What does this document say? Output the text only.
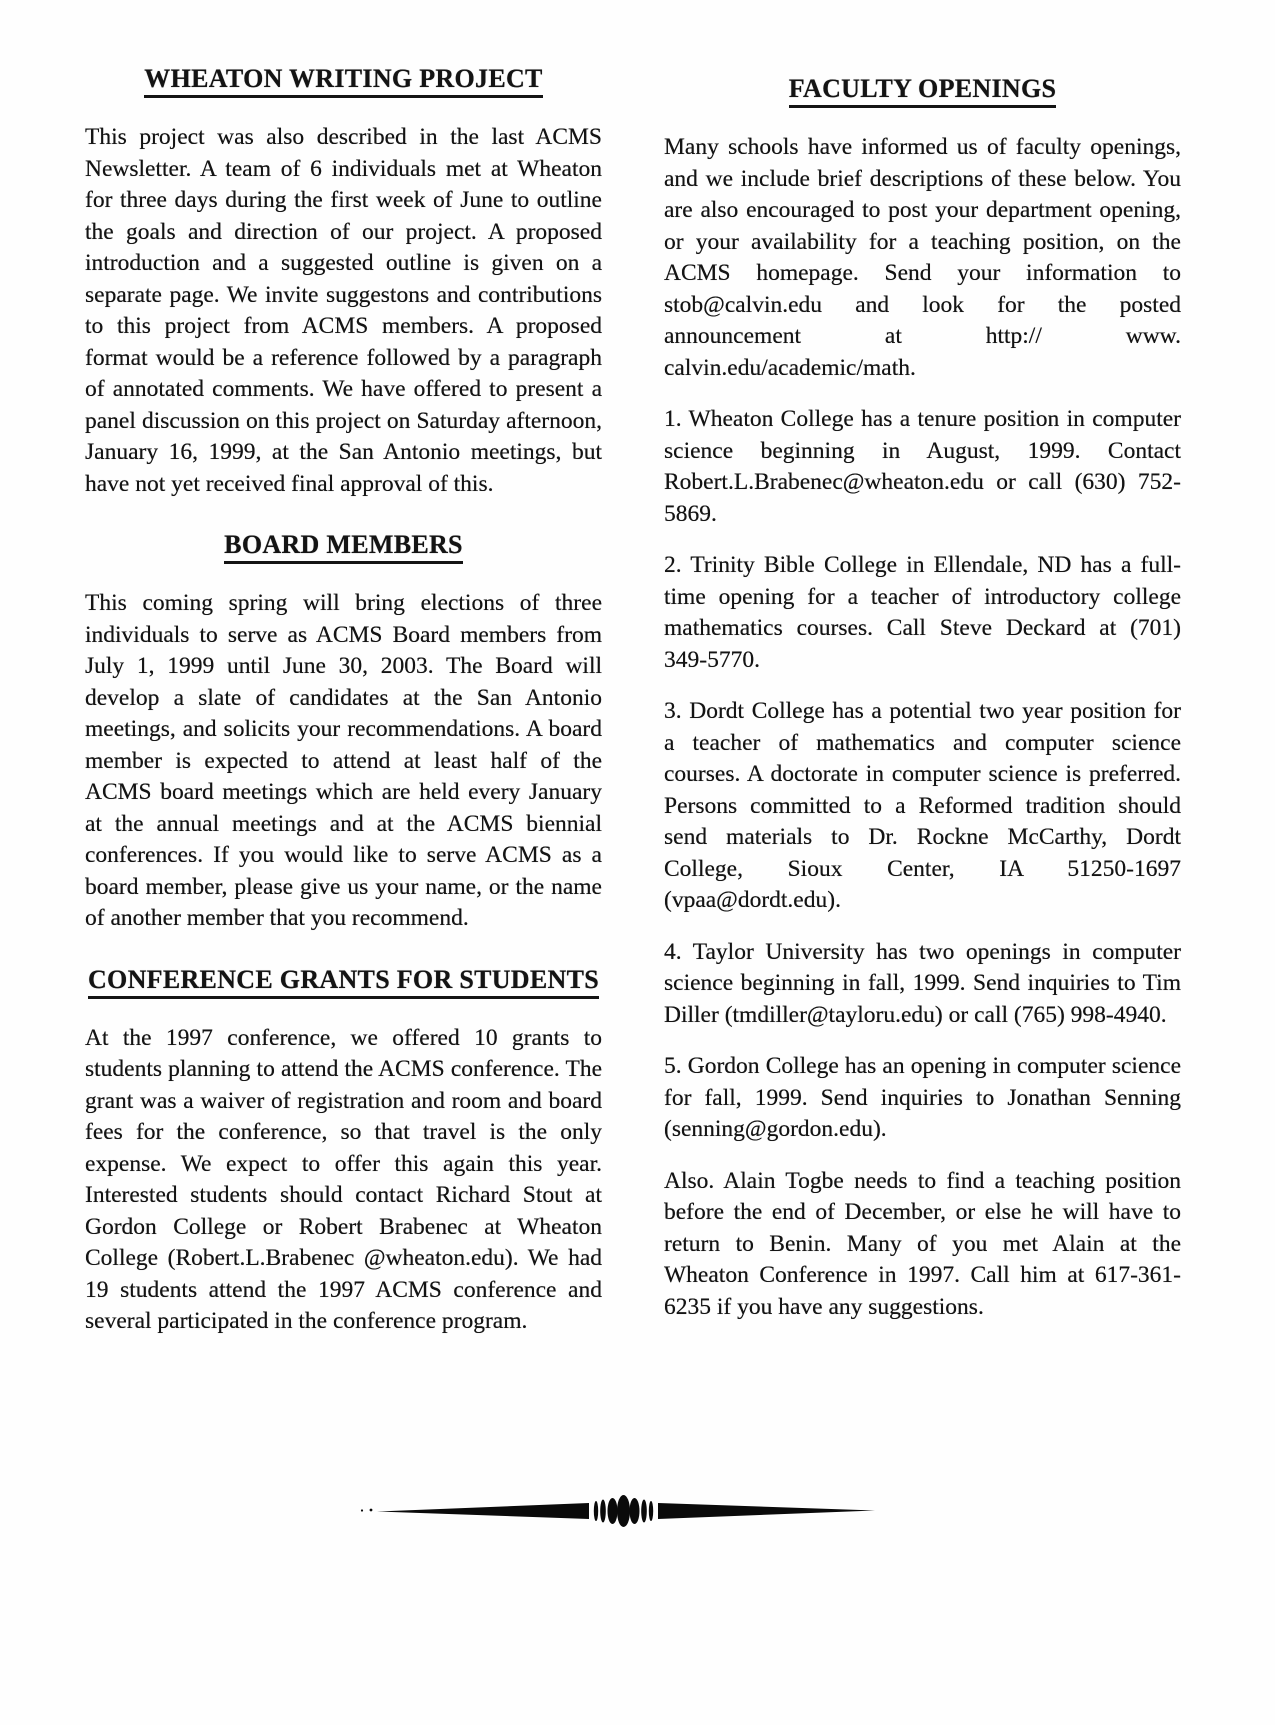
WHEATON WRITING PROJECT

This project was also described in the last ACMS Newsletter. A team of 6 individuals met at Wheaton for three days during the first week of June to outline the goals and direction of our project. A proposed introduction and a suggested outline is given on a separate page. We invite suggestons and contributions to this project from ACMS members. A proposed format would be a reference followed by a paragraph of annotated comments. We have offered to present a panel discussion on this project on Saturday afternoon, January 16, 1999, at the San Antonio meetings, but have not yet received final approval of this.

BOARD MEMBERS

This coming spring will bring elections of three individuals to serve as ACMS Board members from July 1, 1999 until June 30, 2003. The Board will develop a slate of candidates at the San Antonio meetings, and solicits your recommendations. A board member is expected to attend at least half of the ACMS board meetings which are held every January at the annual meetings and at the ACMS biennial conferences. If you would like to serve ACMS as a board member, please give us your name, or the name of another member that you recommend.

CONFERENCE GRANTS FOR STUDENTS

At the 1997 conference, we offered 10 grants to students planning to attend the ACMS conference. The grant was a waiver of registration and room and board fees for the conference, so that travel is the only expense. We expect to offer this again this year. Interested students should contact Richard Stout at Gordon College or Robert Brabenec at Wheaton College (Robert.L.Brabenec @wheaton.edu). We had 19 students attend the 1997 ACMS conference and several participated in the conference program.

FACULTY OPENINGS

Many schools have informed us of faculty openings, and we include brief descriptions of these below. You are also encouraged to post your department opening, or your availability for a teaching position, on the ACMS homepage. Send your information to stob@calvin.edu and look for the posted announcement at http:// www. calvin.edu/academic/math.

1. Wheaton College has a tenure position in computer science beginning in August, 1999. Contact Robert.L.Brabenec@wheaton.edu or call (630) 752-5869.

2. Trinity Bible College in Ellendale, ND has a full-time opening for a teacher of introductory college mathematics courses. Call Steve Deckard at (701) 349-5770.

3. Dordt College has a potential two year position for a teacher of mathematics and computer science courses. A doctorate in computer science is preferred. Persons committed to a Reformed tradition should send materials to Dr. Rockne McCarthy, Dordt College, Sioux Center, IA 51250-1697 (vpaa@dordt.edu).

4. Taylor University has two openings in computer science beginning in fall, 1999. Send inquiries to Tim Diller (tmdiller@tayloru.edu) or call (765) 998-4940.

5. Gordon College has an opening in computer science for fall, 1999. Send inquiries to Jonathan Senning (senning@gordon.edu).

Also. Alain Togbe needs to find a teaching position before the end of December, or else he will have to return to Benin. Many of you met Alain at the Wheaton Conference in 1997. Call him at 617-361-6235 if you have any suggestions.
